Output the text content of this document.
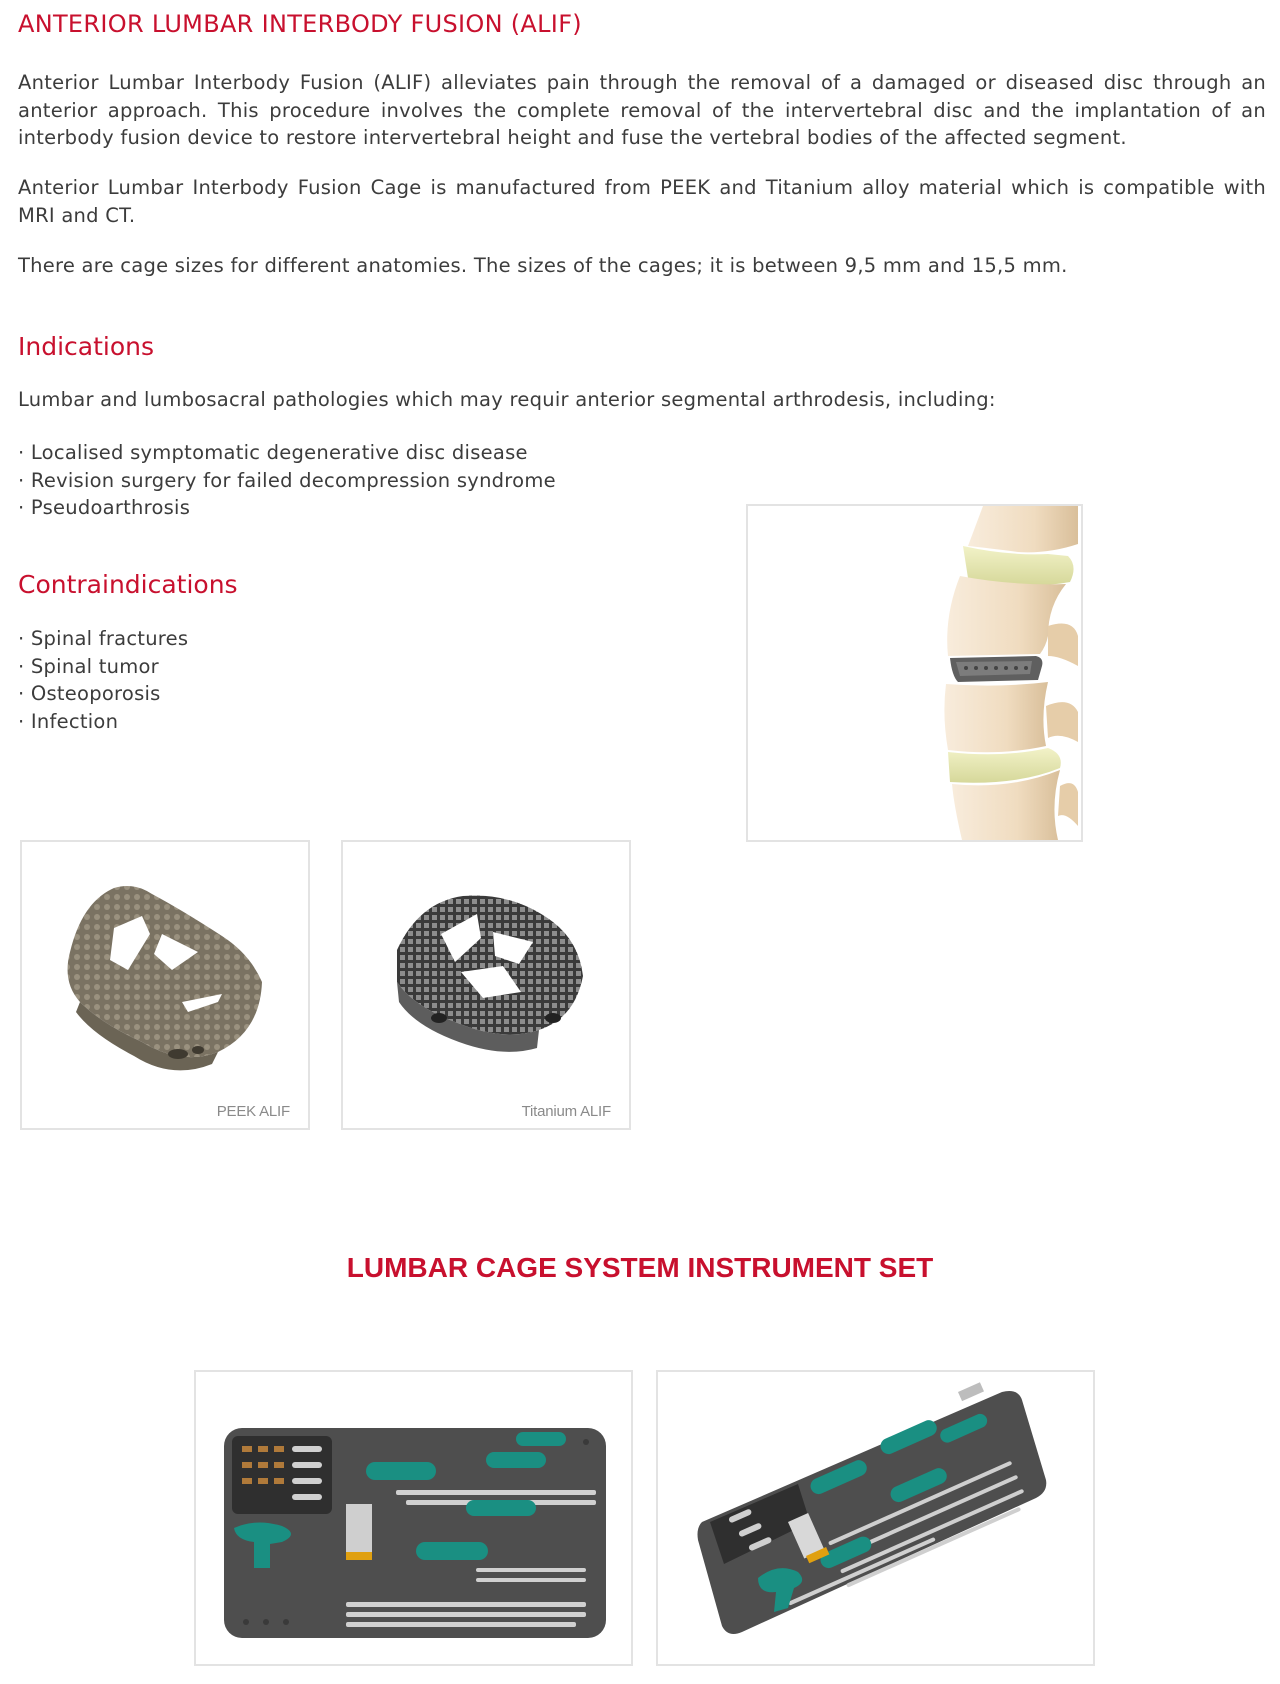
ANTERIOR LUMBAR INTERBODY FUSION (ALIF)

Anterior Lumbar Interbody Fusion (ALIF) alleviates pain through the removal of a damaged or diseased disc through an anterior approach. This procedure involves the complete removal of the intervertebral disc and the implantation of an interbody fusion device to restore intervertebral height and fuse the vertebral bodies of the affected segment.

Anterior Lumbar Interbody Fusion Cage is manufactured from PEEK and Titanium alloy material which is compatible with MRI and CT.

There are cage sizes for different anatomies. The sizes of the cages; it is between 9,5 mm and 15,5 mm.

Indications

Lumbar and lumbosacral pathologies which may requir anterior segmental arthrodesis, including:

· Localised symptomatic degenerative disc disease
· Revision surgery for failed decompression syndrome
· Pseudoarthrosis
Contraindications
· Spinal fractures
· Spinal tumor
· Osteoporosis
· Infection
PEEK ALIF	Titanium ALIF
LUMBAR CAGE SYSTEM INSTRUMENT SET
